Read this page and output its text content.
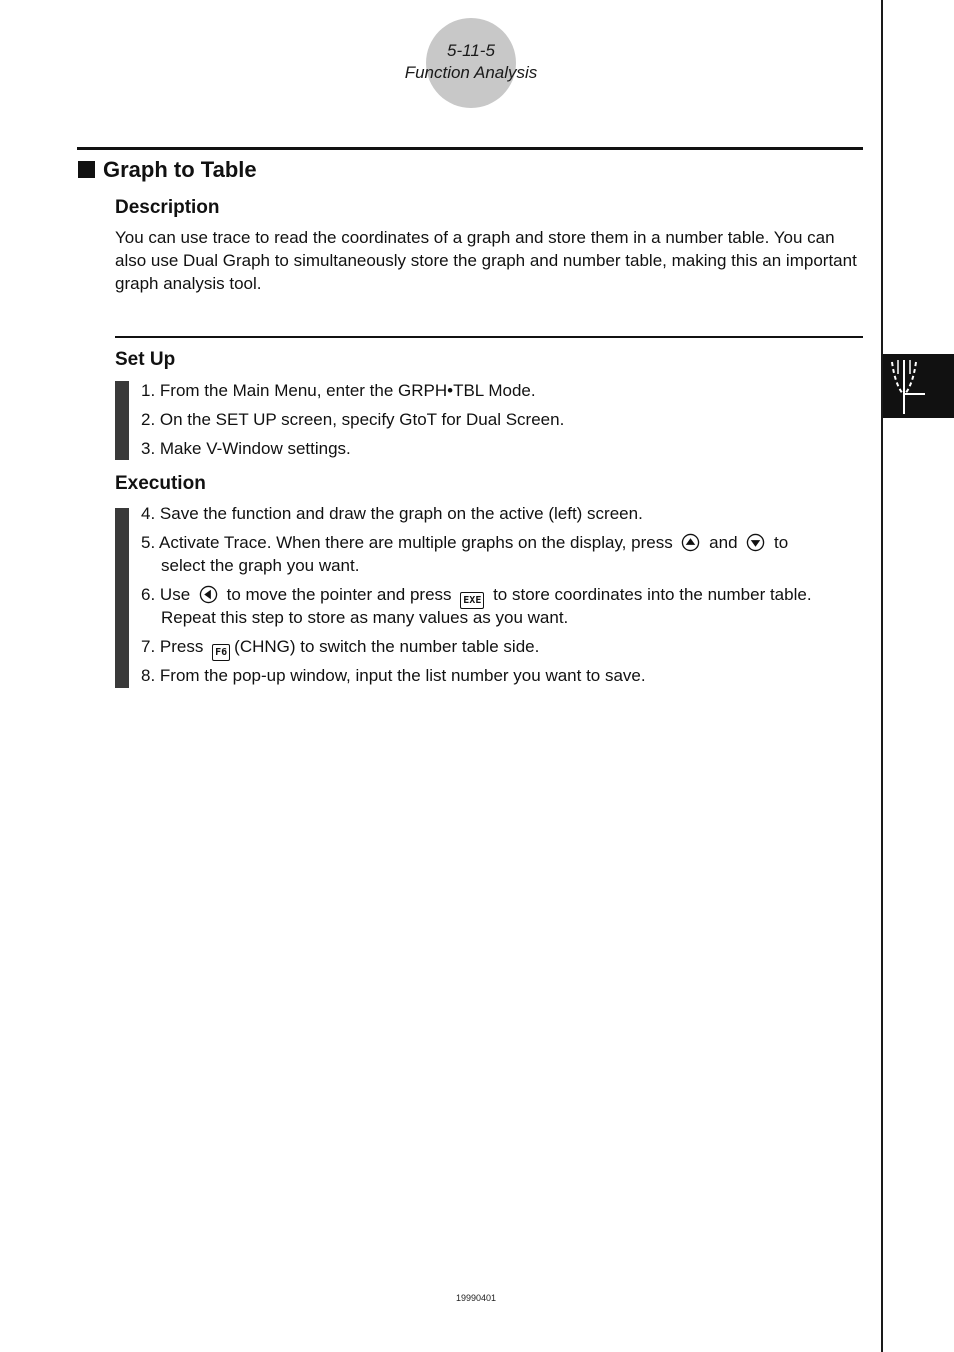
5-11-5
Function Analysis
Graph to Table
Description
You can use trace to read the coordinates of a graph and store them in a number table. You can also use Dual Graph to simultaneously store the graph and number table, making this an important graph analysis tool.
Set Up
1. From the Main Menu, enter the GRPH•TBL Mode.
2. On the SET UP screen, specify GtoT for Dual Screen.
3. Make V-Window settings.
Execution
4. Save the function and draw the graph on the active (left) screen.
5. Activate Trace. When there are multiple graphs on the display, press and to
select the graph you want.
6. Use to move the pointer and press EXE to store coordinates into the number table.
Repeat this step to store as many values as you want.
7. Press F6 (CHNG) to switch the number table side.
8. From the pop-up window, input the list number you want to save.
19990401
